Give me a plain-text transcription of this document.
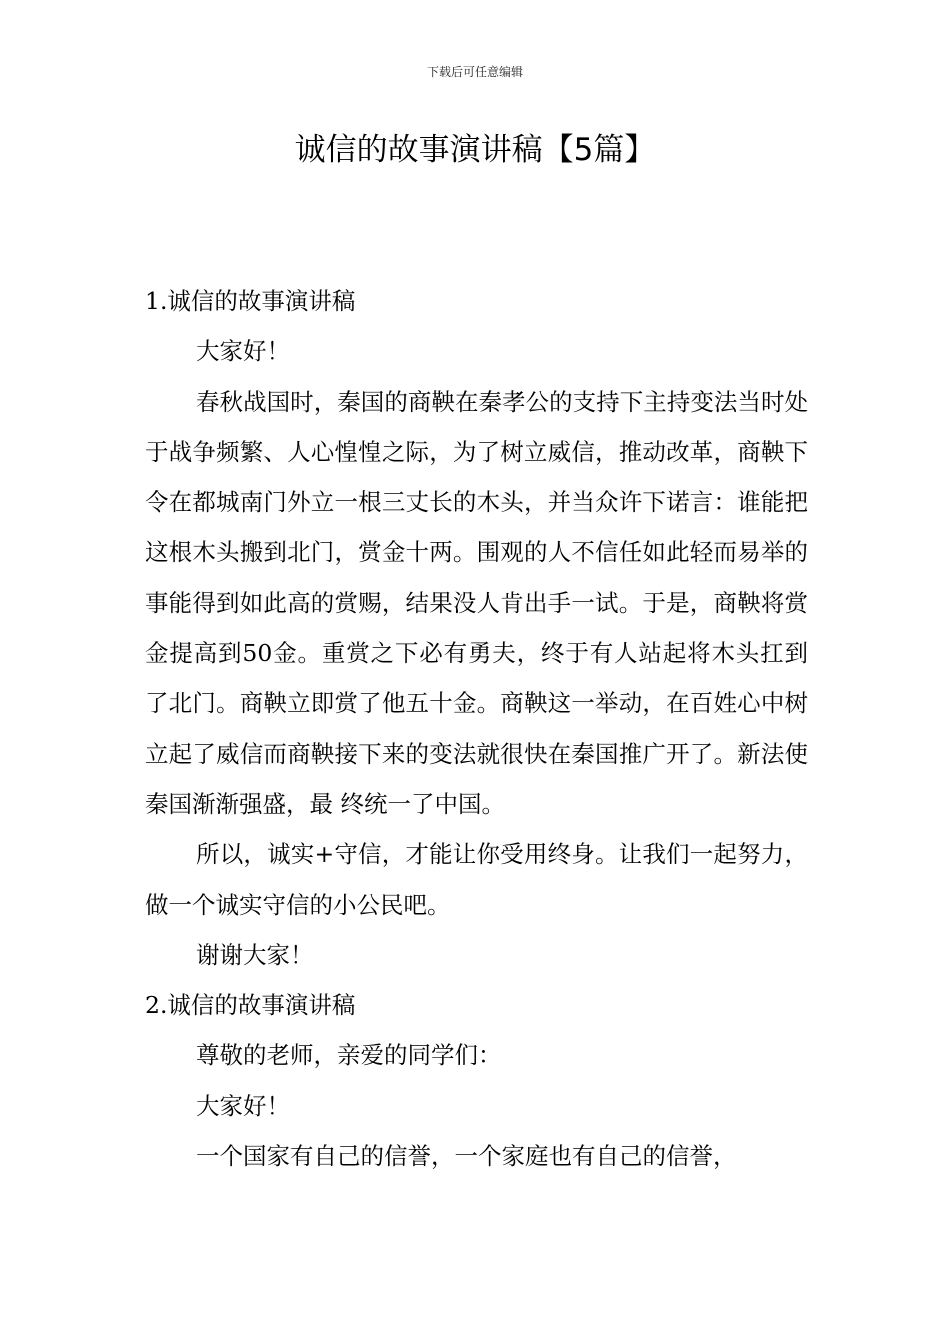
下载后可任意编辑
诚信的故事演讲稿【5篇】

1.诚信的故事演讲稿

大家好！

春秋战国时，秦国的商鞅在秦孝公的支持下主持变法当时处于战争频繁、人心惶惶之际，为了树立威信，推动改革，商鞅下令在都城南门外立一根三丈长的木头，并当众许下诺言：谁能把这根木头搬到北门，赏金十两。围观的人不信任如此轻而易举的事能得到如此高的赏赐，结果没人肯出手一试。于是，商鞅将赏金提高到50金。重赏之下必有勇夫，终于有人站起将木头扛到了北门。商鞅立即赏了他五十金。商鞅这一举动，在百姓心中树立起了威信而商鞅接下来的变法就很快在秦国推广开了。新法使秦国渐渐强盛，最 终统一了中国。

所以，诚实+守信，才能让你受用终身。让我们一起努力，做一个诚实守信的小公民吧。

谢谢大家！

2.诚信的故事演讲稿

尊敬的老师，亲爱的同学们：

大家好！

一个国家有自己的信誉，一个家庭也有自己的信誉，
